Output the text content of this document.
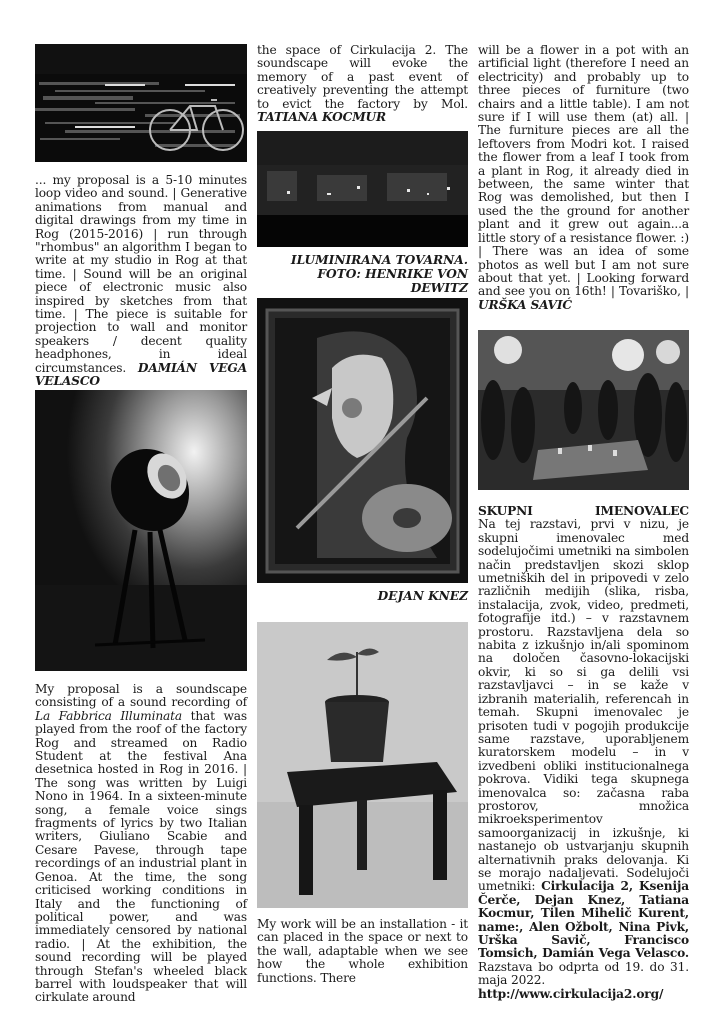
... my proposal is a 5-10 minutes loop video and sound. | Generative animations from manual and digital drawings from my time in Rog (2015-2016) | run through "rhombus" an algorithm I began to write at my studio in Rog at that time. | Sound will be an original piece of electronic music also inspired by sketches from that time. | The piece is suitable for projection to wall and monitor speakers / decent quality headphones, in ideal circumstances. DAMIÁN VEGA VELASCO

My proposal is a soundscape consisting of a sound recording of La Fabbrica Illuminata that was played from the roof of the factory Rog and streamed on Radio Student at the festival Ana desetnica hosted in Rog in 2016. | The song was written by Luigi Nono in 1964. In a sixteen-minute song, a female voice sings fragments of lyrics by two Italian writers, Giuliano Scabie and Cesare Pavese, through tape recordings of an industrial plant in Genoa. At the time, the song criticised working conditions in Italy and the functioning of political power, and was immediately censored by national radio. | At the exhibition, the sound recording will be played through Stefan's wheeled black barrel with loudspeaker that will cirkulate around

the space of Cirkulacija 2. The soundscape will evoke the memory of a past event of creatively preventing the attempt to evict the factory by Mol. TATIANA KOCMUR

ILUMINIRANA TOVARNA. FOTO: HENRIKE VON DEWITZ
DEJAN KNEZ

My work will be an installation - it can placed in the space or next to the wall, adaptable when we see how the whole exhibition functions. There

will be a flower in a pot with an artificial light (therefore I need an electricity) and probably up to three pieces of furniture (two chairs and a little table). I am not sure if I will use them (at) all. | The furniture pieces are all the leftovers from Modri kot. I raised the flower from a leaf I took from a plant in Rog, it already died in between, the same winter that Rog was demolished, but then I used the the ground for another plant and it grew out again...a little story of a resistance flower. :) | There was an idea of some photos as well but I am not sure about that yet. | Looking forward and see you on 16th! | Tovariško, | URŠKA SAVIĆ

SKUPNI	IMENOVALEC

Na tej razstavi, prvi v nizu, je skupni imenovalec med sodelujočimi umetniki na simbolen način predstavljen skozi sklop umetniških del in pripovedi v zelo različnih medijih (slika, risba, instalacija, zvok, video, predmeti, fotografije itd.) – v razstavnem prostoru. Razstavljena dela so nabita z izkušnjo in/ali spominom na določen časovno-lokacijski okvir, ki so si ga delili vsi razstavljavci – in se kaže v izbranih materialih, referencah in temah. Skupni imenovalec je prisoten tudi v pogojih produkcije same razstave, uporabljenem kuratorskem modelu – in v izvedbeni obliki institucionalnega pokrova. Vidiki tega skupnega imenovalca so: začasna raba prostorov, množica mikroeksperimentov samoorganizacij in izkušnje, ki nastanejo ob ustvarjanju skupnih alternativnih praks delovanja. Ki se morajo nadaljevati. Sodelujoči umetniki: Cirkulacija 2, Ksenija Čerče, Dejan Knez, Tatiana Kocmur, Tilen Mihelič Kurent, name:, Alen Ožbolt, Nina Pivk, Urška Savič, Francisco Tomsich, Damián Vega Velasco. Razstava bo odprta od 19. do 31. maja 2022.

http://www.cirkulacija2.org/
